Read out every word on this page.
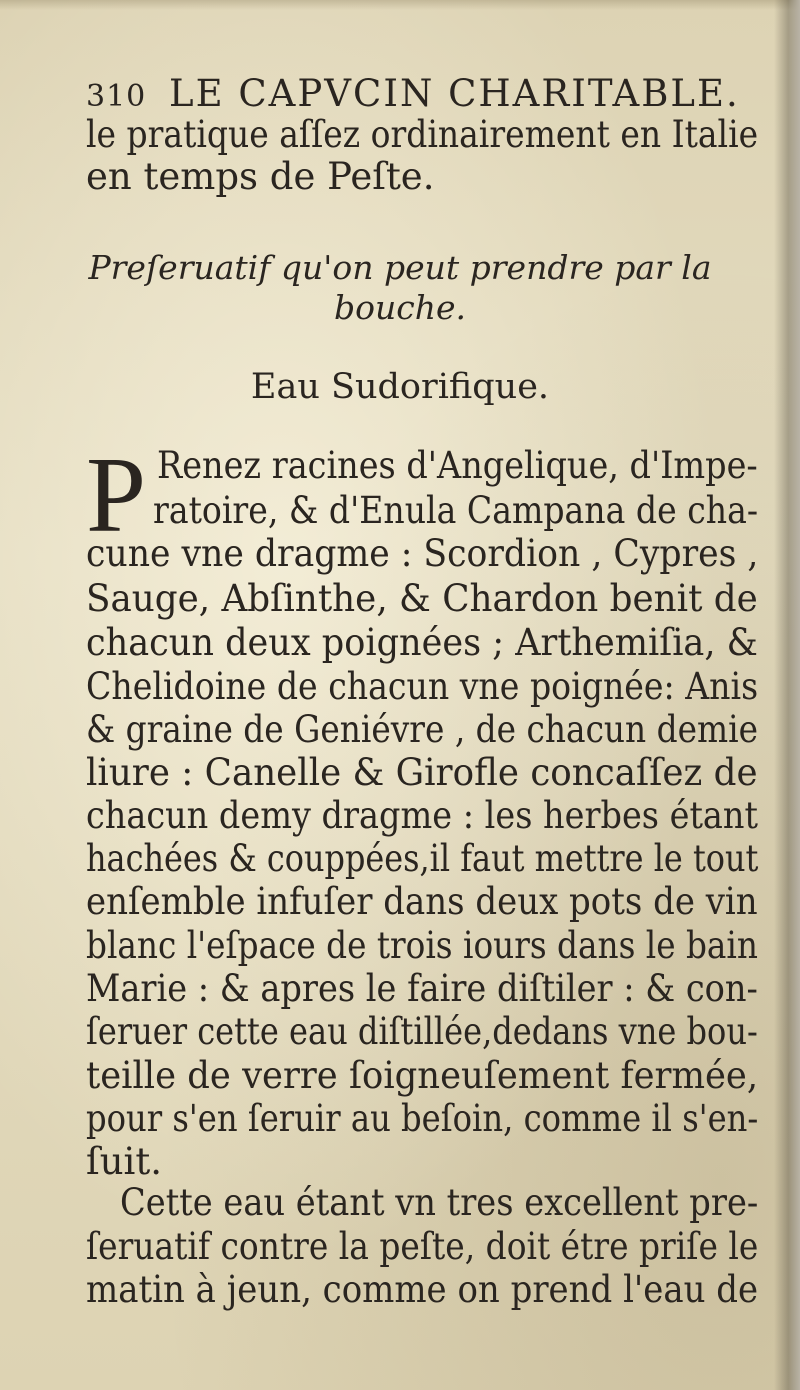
310 LE CAPVCIN CHARITABLE.
le pratique aſſez ordinairement en Italie
en temps de Peſte.
Preſeruatif qu'on peut prendre par la
bouche.
Eau Sudorifique.
P Renez racines d'Angelique, d'Impe-
ratoire, & d'Enula Campana de cha-
cune vne dragme : Scordion , Cypres ,
Sauge, Abſinthe, & Chardon benit de
chacun deux poignées ; Arthemiſia, &
Chelidoine de chacun vne poignée: Anis
& graine de Geniévre , de chacun demie
liure : Canelle & Girofle concaſſez de
chacun demy dragme : les herbes étant
hachées & couppées,il faut mettre le tout
enſemble infuſer dans deux pots de vin
blanc l'eſpace de trois iours dans le bain
Marie : & apres le faire diſtiler : & con-
ſeruer cette eau diſtillée,dedans vne bou-
teille de verre ſoigneuſement fermée,
pour s'en ſeruir au beſoin, comme il s'en-
ſuit.
Cette eau étant vn tres excellent pre-
ſeruatif contre la peſte, doit étre priſe le
matin à jeun, comme on prend l'eau de
